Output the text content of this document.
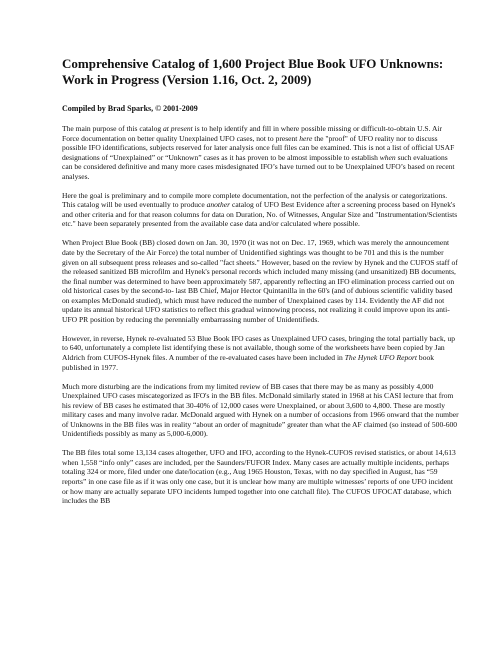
Comprehensive Catalog of 1,600 Project Blue Book UFO Unknowns:
Work in Progress (Version 1.16, Oct. 2, 2009)

Compiled by Brad Sparks, © 2001-2009

The main purpose of this catalog at present is to help identify and fill in where possible missing or difficult-to-obtain U.S. Air Force documentation on better quality Unexplained UFO cases, not to present here the "proof" of UFO reality nor to discuss possible IFO identifications, subjects reserved for later analysis once full files can be examined. This is not a list of official USAF designations of “Unexplained” or “Unknown” cases as it has proven to be almost impossible to establish when such evaluations can be considered definitive and many more cases misdesignated IFO’s have turned out to be Unexplained UFO’s based on recent analyses.

Here the goal is preliminary and to compile more complete documentation, not the perfection of the analysis or categorizations. This catalog will be used eventually to produce another catalog of UFO Best Evidence after a screening process based on Hynek's and other criteria and for that reason columns for data on Duration, No. of Witnesses, Angular Size and "Instrumentation/Scientists etc." have been separately presented from the available case data and/or calculated where possible.

When Project Blue Book (BB) closed down on Jan. 30, 1970 (it was not on Dec. 17, 1969, which was merely the announcement date by the Secretary of the Air Force) the total number of Unidentified sightings was thought to be 701 and this is the number given on all subsequent press releases and so-called "fact sheets." However, based on the review by Hynek and the CUFOS staff of the released sanitized BB microfilm and Hynek's personal records which included many missing (and unsanitized) BB documents, the final number was determined to have been approximately 587, apparently reflecting an IFO elimination process carried out on old historical cases by the second-to- last BB Chief, Major Hector Quintanilla in the 60's (and of dubious scientific validity based on examples McDonald studied), which must have reduced the number of Unexplained cases by 114. Evidently the AF did not update its annual historical UFO statistics to reflect this gradual winnowing process, not realizing it could improve upon its anti-UFO PR position by reducing the perennially embarrassing number of Unidentifieds.

However, in reverse, Hynek re-evaluated 53 Blue Book IFO cases as Unexplained UFO cases, bringing the total partially back, up to 640, unfortunately a complete list identifying these is not available, though some of the worksheets have been copied by Jan Aldrich from CUFOS-Hynek files. A number of the re-evaluated cases have been included in The Hynek UFO Report book published in 1977.

Much more disturbing are the indications from my limited review of BB cases that there may be as many as possibly 4,000 Unexplained UFO cases miscategorized as IFO's in the BB files. McDonald similarly stated in 1968 at his CASI lecture that from his review of BB cases he estimated that 30-40% of 12,000 cases were Unexplained, or about 3,600 to 4,800. These are mostly military cases and many involve radar. McDonald argued with Hynek on a number of occasions from 1966 onward that the number of Unknowns in the BB files was in reality “about an order of magnitude” greater than what the AF claimed (so instead of 500-600 Unidentifieds possibly as many as 5,000-6,000).

The BB files total some 13,134 cases altogether, UFO and IFO, according to the Hynek-CUFOS revised statistics, or about 14,613 when 1,558 “info only” cases are included, per the Saunders/FUFOR Index. Many cases are actually multiple incidents, perhaps totaling 324 or more, filed under one date/location (e.g., Aug 1965 Houston, Texas, with no day specified in August, has “59 reports” in one case file as if it was only one case, but it is unclear how many are multiple witnesses’ reports of one UFO incident or how many are actually separate UFO incidents lumped together into one catchall file). The CUFOS UFOCAT database, which includes the BB
